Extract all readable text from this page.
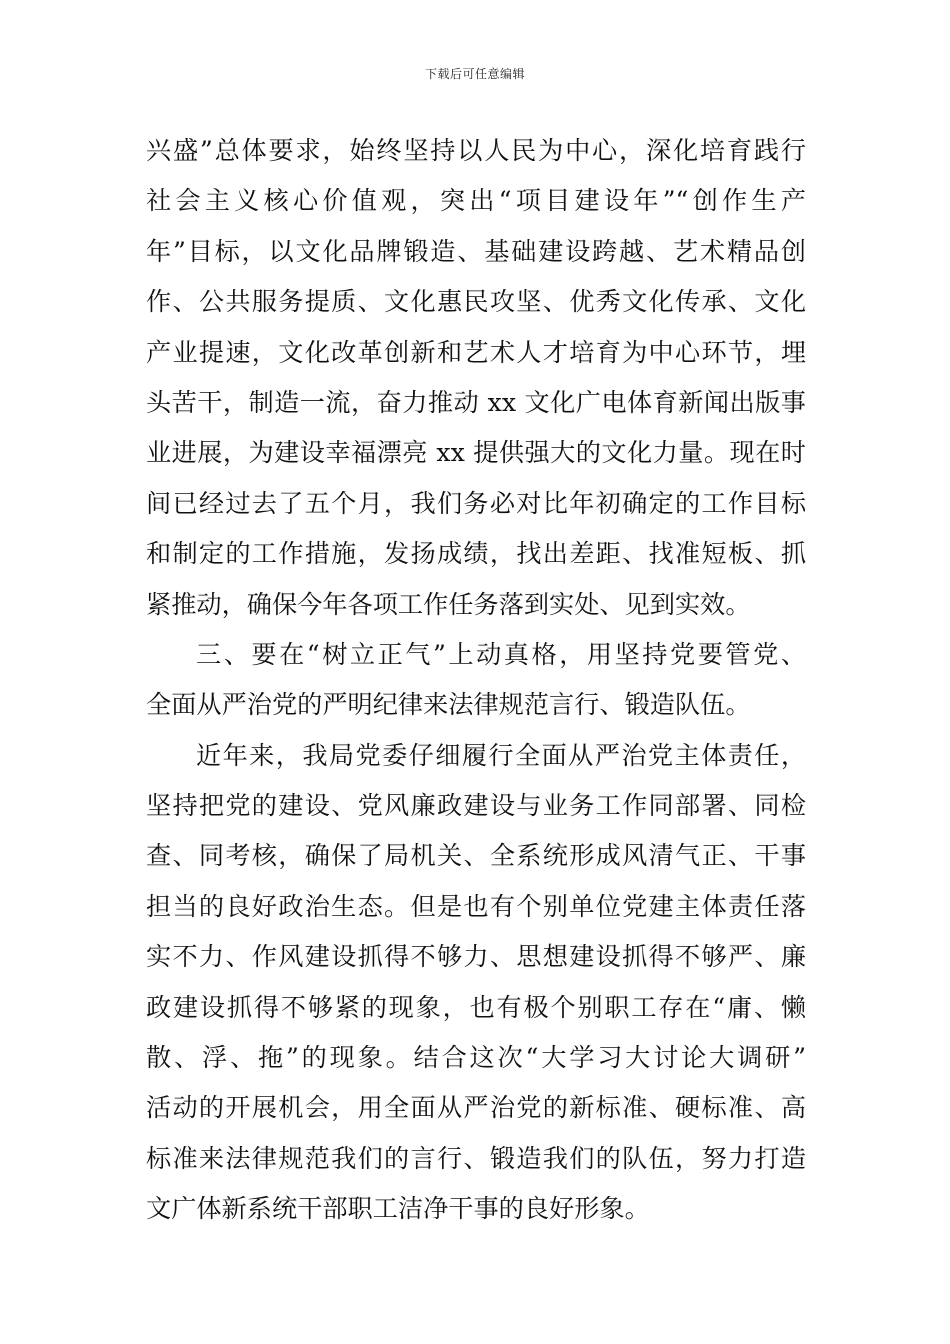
下载后可任意编辑
兴盛”总体要求，始终坚持以人民为中心，深化培育践行
社会主义核心价值观，突出“项目建设年”“创作生产
年”目标，以文化品牌锻造、基础建设跨越、艺术精品创
作、公共服务提质、文化惠民攻坚、优秀文化传承、文化
产业提速，文化改革创新和艺术人才培育为中心环节，埋
头苦干，制造一流，奋力推动 xx 文化广电体育新闻出版事
业进展，为建设幸福漂亮 xx 提供强大的文化力量。现在时
间已经过去了五个月，我们务必对比年初确定的工作目标
和制定的工作措施，发扬成绩，找出差距、找准短板、抓
紧推动，确保今年各项工作任务落到实处、见到实效。
三、要在“树立正气”上动真格，用坚持党要管党、
全面从严治党的严明纪律来法律规范言行、锻造队伍。
近年来，我局党委仔细履行全面从严治党主体责任，
坚持把党的建设、党风廉政建设与业务工作同部署、同检
查、同考核，确保了局机关、全系统形成风清气正、干事
担当的良好政治生态。但是也有个别单位党建主体责任落
实不力、作风建设抓得不够力、思想建设抓得不够严、廉
政建设抓得不够紧的现象，也有极个别职工存在“庸、懒
散、浮、拖”的现象。结合这次“大学习大讨论大调研”
活动的开展机会，用全面从严治党的新标准、硬标准、高
标准来法律规范我们的言行、锻造我们的队伍，努力打造
文广体新系统干部职工洁净干事的良好形象。
